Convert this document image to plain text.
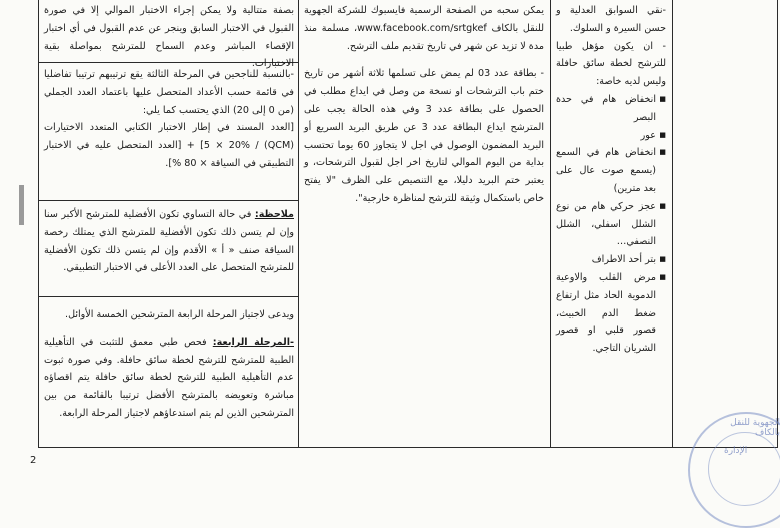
بصفة متتالية ولا يمكن إجراء الاختبار الموالي إلا في صورة القبول في الاختبار السابق وينجر عن عدم القبول في أي اختبار الإقصاء المباشر وعدم السماح للمترشح بمواصلة بقية الاختبارات.

-بالنسبة للناجحين في المرحلة الثالثة يقع ترتيبهم ترتيبا تفاضليا في قائمة حسب الأعداد المتحصل عليها باعتماد العدد الجملي (من 0 إلى 20) الذي يحتسب كما يلي:

[العدد المسند في إطار الاختبار الكتابي المتعدد الاختيارات (QCM) / 5 × 20%] + [العدد المتحصل عليه في الاختبار التطبيقي في السياقة × 80 %].

ملاحظة: في حالة التساوي تكون الأفضلية للمترشح الأكبر سنا وإن لم يتسن ذلك تكون الأفضلية للمترشح الذي يمتلك رخصة السياقة صنف « أ » الأقدم وإن لم يتسن ذلك تكون الأفضلية للمترشح المتحصل على العدد الأعلى في الاختبار التطبيقي.

ويدعى لاجتياز المرحلة الرابعة المترشحين الخمسة الأوائل.

-المرحلة الرابعة: فحص طبي معمق للتثبت في التأهيلية الطبية للمترشح للترشح لخطة سائق حافلة. وفي صورة ثبوت عدم التأهيلية الطبية للترشح لخطة سائق حافلة يتم اقصاؤه مباشرة وتعويضه بالمترشح الأفضل ترتيبا بالقائمة من بين المترشحين الذين لم يتم استدعاؤهم لاجتياز المرحلة الرابعة.

يمكن سحبه من الصفحة الرسمية فايسبوك للشركة الجهوية للنقل بالكاف www.facebook.com/srtgkef، مسلمة منذ مدة لا تزيد عن شهر في تاريخ تقديم ملف الترشح.

- بطاقة عدد 03 لم يمض على تسلمها ثلاثة أشهر من تاريخ ختم باب الترشحات او نسخة من وصل في ايداع مطلب في الحصول على بطاقة عدد 3 وفي هذه الحالة يجب على المترشح ايداع البطاقة عدد 3 عن طريق البريد السريع أو البريد المضمون الوصول في اجل لا يتجاوز 60 يوما تحتسب بداية من اليوم الموالي لتاريخ اخر اجل لقبول الترشحات، و يعتبر ختم البريد دليلا، مع التنصيص على الظرف "لا يفتح خاص باستكمال وثيقة للترشح لمناظرة خارجية".

-نقي السوابق العدلية و حسن السيرة و السلوك.

- ان يكون مؤهل طبيا للترشح لخطة سائق حافلة وليس لديه خاصة:

■ انخفاض هام في حدة البصر
■ عور
■ انخفاض هام في السمع (يسمع صوت عال على بعد مترين)
■ عجز حركي هام من نوع الشلل اسفلي، الشلل النصفي…
■ بتر أحد الاطراف
■ مرض القلب والاوعية الدموية الحاد مثل ارتفاع ضغط الدم الخبيث، قصور قلبي او قصور الشريان التاجي.
الجهوية للنقل بالكاف
الإدارة
2
